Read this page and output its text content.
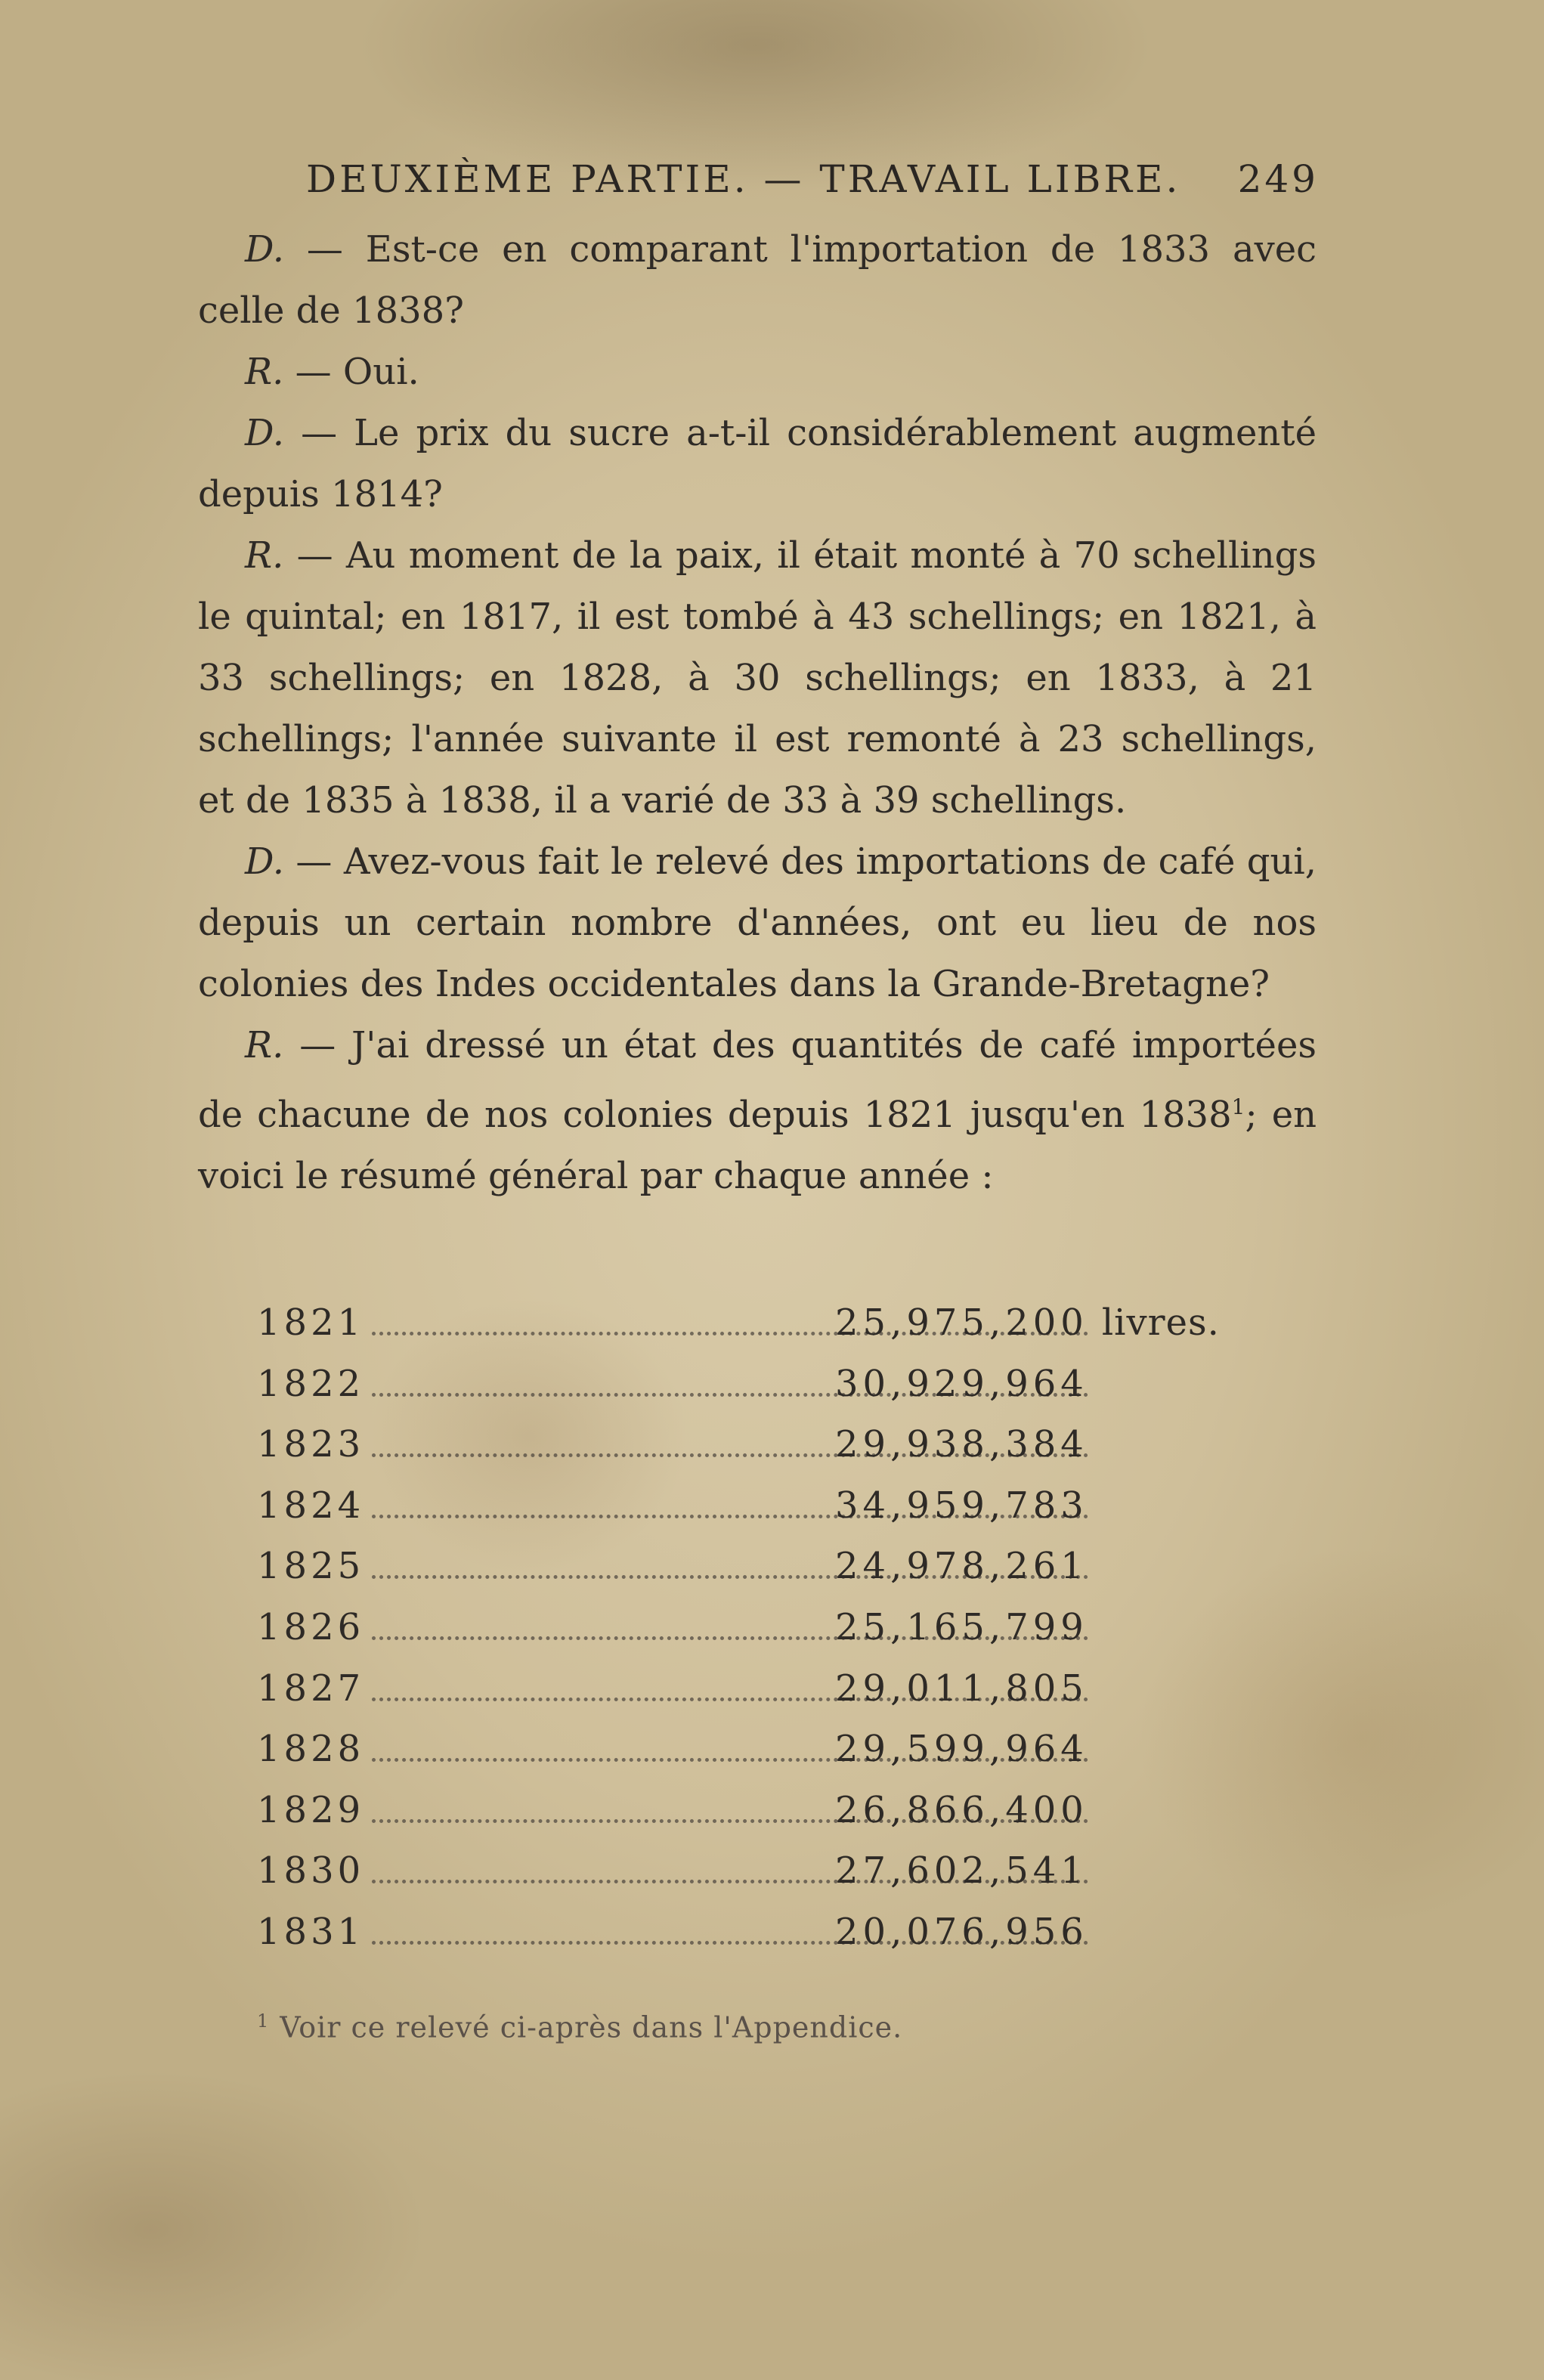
DEUXIÈME PARTIE. — TRAVAIL LIBRE. 249

D. — Est-ce en comparant l'importation de 1833 avec celle de 1838?

R. — Oui.

D. — Le prix du sucre a-t-il considérablement augmenté depuis 1814?

R. — Au moment de la paix, il était monté à 70 schellings le quintal; en 1817, il est tombé à 43 schellings; en 1821, à 33 schellings; en 1828, à 30 schellings; en 1833, à 21 schellings; l'année suivante il est remonté à 23 schellings, et de 1835 à 1838, il a varié de 33 à 39 schellings.

D. — Avez-vous fait le relevé des importations de café qui, depuis un certain nombre d'années, ont eu lieu de nos colonies des Indes occidentales dans la Grande-Bretagne?

R. — J'ai dressé un état des quantités de café importées de chacune de nos colonies depuis 1821 jusqu'en 1838$^1$; en voici le résumé général par chaque année :

1821	25,975,200 livres.
1822	30,929,964
1823	29,938,384
1824	34,959,783
1825	24,978,261
1826	25,165,799
1827	29,011,805
1828	29,599,964
1829	26,866,400
1830	27,602,541
1831	20,076,956
$^1$ Voir ce relevé ci-après dans l'Appendice.
